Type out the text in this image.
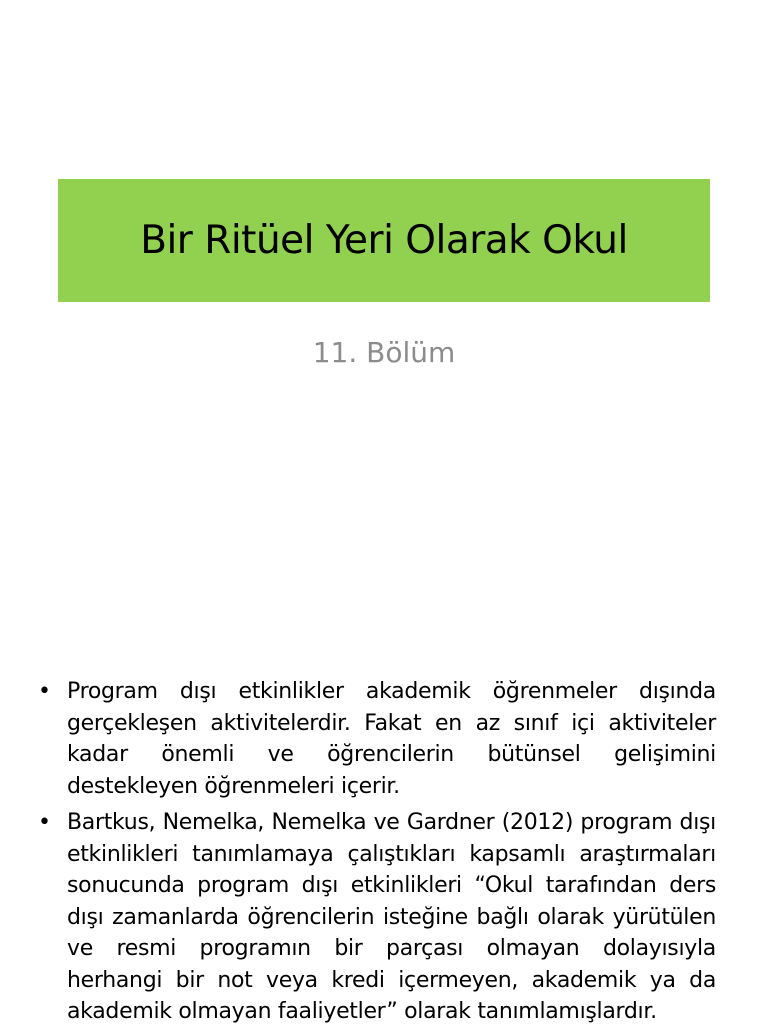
Bir Ritüel Yeri Olarak Okul
11. Bölüm
• Program dışı etkinlikler akademik öğrenmeler dışında gerçekleşen aktivitelerdir. Fakat en az sınıf içi aktiviteler kadar önemli ve öğrencilerin bütünsel gelişimini destekleyen öğrenmeleri içerir.
• Bartkus, Nemelka, Nemelka ve Gardner (2012) program dışı etkinlikleri tanımlamaya çalıştıkları kapsamlı araştırmaları sonucunda program dışı etkinlikleri “Okul tarafından ders dışı zamanlarda öğrencilerin isteğine bağlı olarak yürütülen ve resmi programın bir parçası olmayan dolayısıyla herhangi bir not veya kredi içermeyen, akademik ya da akademik olmayan faaliyetler” olarak tanımlamışlardır.
